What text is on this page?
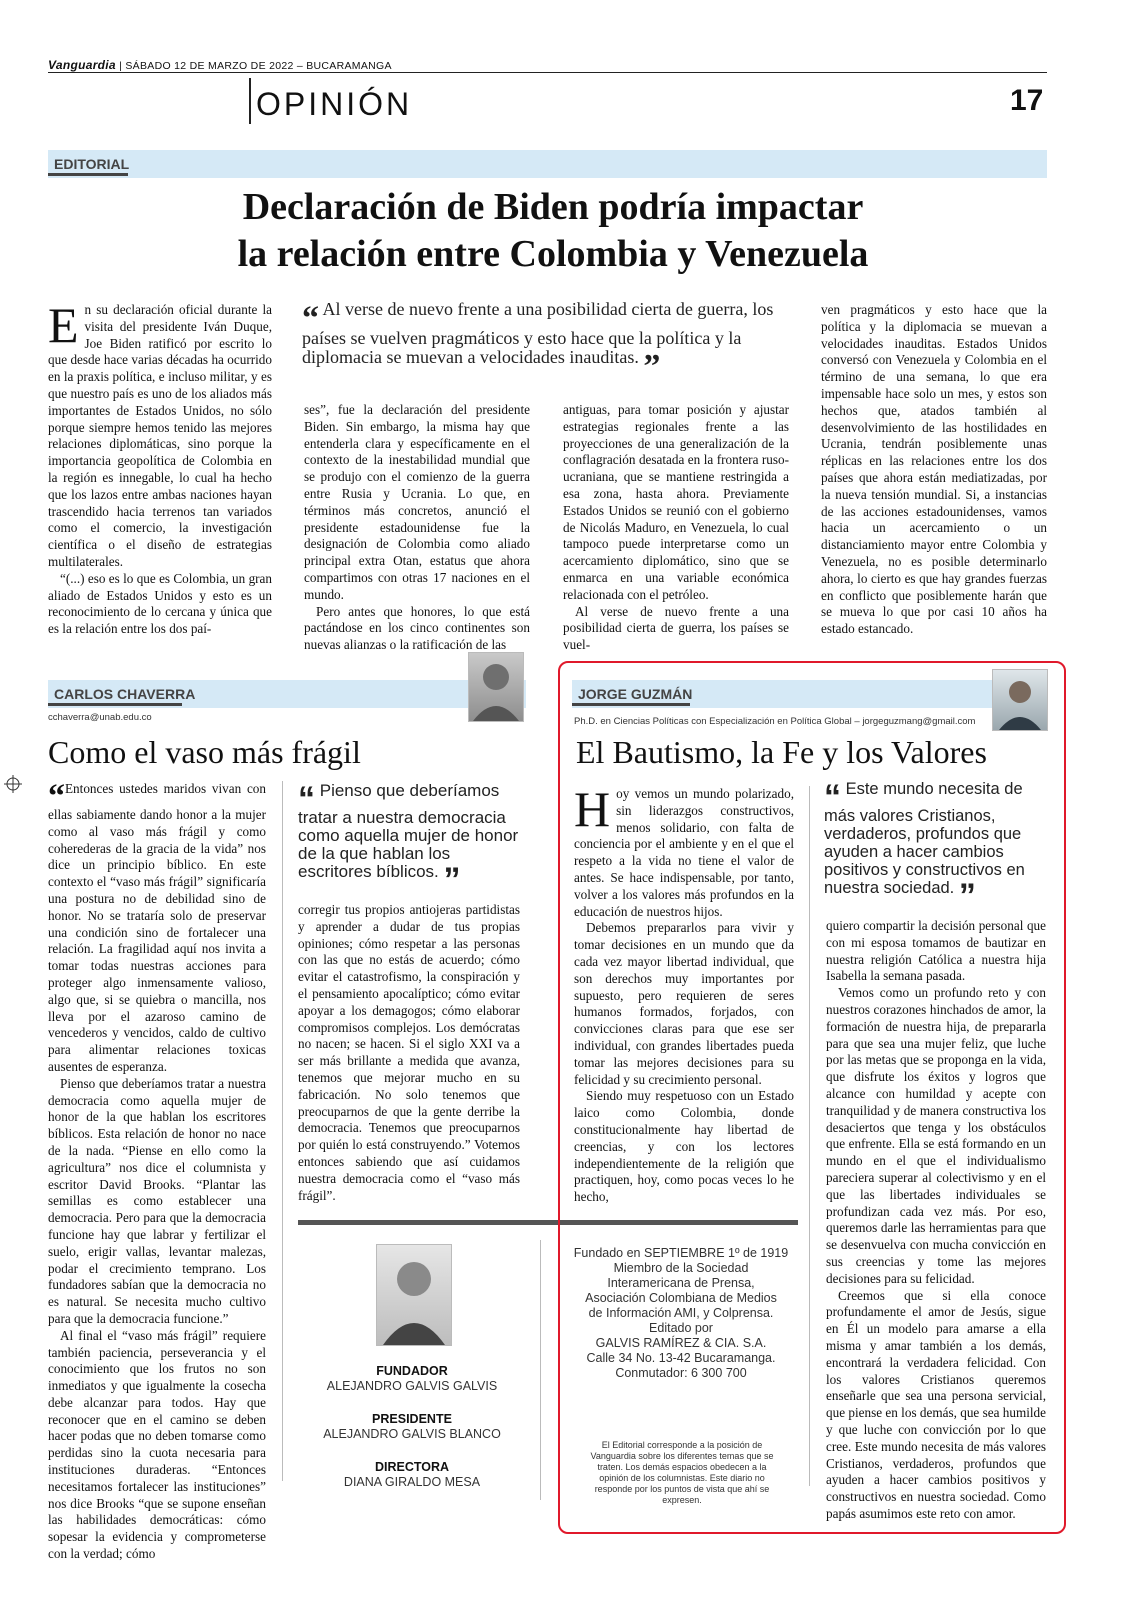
Vanguardia | SÁBADO 12 DE MARZO DE 2022 – BUCARAMANGA
OPINIÓN	17
EDITORIAL
Declaración de Biden podría impactar
la relación entre Colombia y Venezuela

En su declaración oficial durante la visita del presidente Iván Duque, Joe Biden ratificó por escrito lo que desde hace varias décadas ha ocurrido en la praxis política, e incluso militar, y es que nuestro país es uno de los aliados más importantes de Estados Unidos, no sólo porque siempre hemos tenido las mejores relaciones diplomáticas, sino porque la importancia geopolítica de Colombia en la región es innegable, lo cual ha hecho que los lazos entre ambas naciones hayan trascendido hacia terrenos tan variados como el comercio, la investigación científica o el diseño de estrategias multilaterales.

“(...) eso es lo que es Colombia, un gran aliado de Estados Unidos y esto es un reconocimiento de lo cercana y única que es la relación entre los dos paí-

“ Al verse de nuevo frente a una posibilidad cierta de guerra, los países se vuelven pragmáticos y esto hace que la política y la diplomacia se muevan a velocidades inauditas. ”

ses”, fue la declaración del presidente Biden. Sin embargo, la misma hay que entenderla clara y específicamente en el contexto de la inestabilidad mundial que se produjo con el comienzo de la guerra entre Rusia y Ucrania. Lo que, en términos más concretos, anunció el presidente estadounidense fue la designación de Colombia como aliado principal extra Otan, estatus que ahora compartimos con otras 17 naciones en el mundo.

Pero antes que honores, lo que está pactándose en los cinco continentes son nuevas alianzas o la ratificación de las

antiguas, para tomar posición y ajustar estrategias regionales frente a las proyecciones de una generalización de la conflagración desatada en la frontera ruso-ucraniana, que se mantiene restringida a esa zona, hasta ahora. Previamente Estados Unidos se reunió con el gobierno de Nicolás Maduro, en Venezuela, lo cual tampoco puede interpretarse como un acercamiento diplomático, sino que se enmarca en una variable económica relacionada con el petróleo.

Al verse de nuevo frente a una posibilidad cierta de guerra, los países se vuel-

ven pragmáticos y esto hace que la política y la diplomacia se muevan a velocidades inauditas. Estados Unidos conversó con Venezuela y Colombia en el término de una semana, lo que era impensable hace solo un mes, y estos son hechos que, atados también al desenvolvimiento de las hostilidades en Ucrania, tendrán posiblemente unas réplicas en las relaciones entre los dos países que ahora están mediatizadas, por la nueva tensión mundial. Si, a instancias de las acciones estadounidenses, vamos hacia un acercamiento o un distanciamiento mayor entre Colombia y Venezuela, no es posible determinarlo ahora, lo cierto es que hay grandes fuerzas en conflicto que posiblemente harán que se mueva lo que por casi 10 años ha estado estancado.

CARLOS CHAVERRA
cchaverra@unab.edu.co
Como el vaso más frágil

“Entonces ustedes maridos vivan con ellas sabiamente dando honor a la mujer como al vaso más frágil y como coherederas de la gracia de la vida” nos dice un principio bíblico. En este contexto el “vaso más frágil” significaría una postura no de debilidad sino de honor. No se trataría solo de preservar una condición sino de fortalecer una relación. La fragilidad aquí nos invita a tomar todas nuestras acciones para proteger algo inmensamente valioso, algo que, si se quiebra o mancilla, nos lleva por el azaroso camino de vencederos y vencidos, caldo de cultivo para alimentar relaciones toxicas ausentes de esperanza.

Pienso que deberíamos tratar a nuestra democracia como aquella mujer de honor de la que hablan los escritores bíblicos. Esta relación de honor no nace de la nada. “Piense en ello como la agricultura” nos dice el columnista y escritor David Brooks. “Plantar las semillas es como establecer una democracia. Pero para que la democracia funcione hay que labrar y fertilizar el suelo, erigir vallas, levantar malezas, podar el crecimiento temprano. Los fundadores sabían que la democracia no es natural. Se necesita mucho cultivo para que la democracia funcione.”

Al final el “vaso más frágil” requiere también paciencia, perseverancia y el conocimiento que los frutos no son inmediatos y que igualmente la cosecha debe alcanzar para todos. Hay que reconocer que en el camino se deben hacer podas que no deben tomarse como perdidas sino la cuota necesaria para instituciones duraderas. “Entonces necesitamos fortalecer las instituciones” nos dice Brooks “que se supone enseñan las habilidades democráticas: cómo sopesar la evidencia y comprometerse con la verdad; cómo

“ Pienso que deberíamos tratar a nuestra democracia como aquella mujer de honor de la que hablan los escritores bíblicos. ”

corregir tus propios antiojeras partidistas y aprender a dudar de tus propias opiniones; cómo respetar a las personas con las que no estás de acuerdo; cómo evitar el catastrofismo, la conspiración y el pensamiento apocalíptico; cómo evitar apoyar a los demagogos; cómo elaborar compromisos complejos. Los demócratas no nacen; se hacen. Si el siglo XXI va a ser más brillante a medida que avanza, tenemos que mejorar mucho en su fabricación. No solo tenemos que preocuparnos de que la gente derribe la democracia. Tenemos que preocuparnos por quién lo está construyendo.” Votemos entonces sabiendo que así cuidamos nuestra democracia como el “vaso más frágil”.

FUNDADOR
ALEJANDRO GALVIS GALVIS
PRESIDENTE
ALEJANDRO GALVIS BLANCO
DIRECTORA
DIANA GIRALDO MESA
Fundado en SEPTIEMBRE 1º de 1919
Miembro de la Sociedad
Interamericana de Prensa,
Asociación Colombiana de Medios
de Información AMI, y Colprensa.
Editado por
GALVIS RAMÍREZ & CIA. S.A.
Calle 34 No. 13-42 Bucaramanga.
Conmutador: 6 300 700
El Editorial corresponde a la posición de Vanguardia sobre los diferentes temas que se traten. Los demás espacios obedecen a la opinión de los columnistas. Este diario no responde por los puntos de vista que ahí se expresen.
JORGE GUZMÁN
Ph.D. en Ciencias Políticas con Especialización en Política Global – jorgeguzmang@gmail.com
El Bautismo, la Fe y los Valores

Hoy vemos un mundo polarizado, sin liderazgos constructivos, menos solidario, con falta de conciencia por el ambiente y en el que el respeto a la vida no tiene el valor de antes. Se hace indispensable, por tanto, volver a los valores más profundos en la educación de nuestros hijos.

Debemos prepararlos para vivir y tomar decisiones en un mundo que da cada vez mayor libertad individual, que son derechos muy importantes por supuesto, pero requieren de seres humanos formados, forjados, con convicciones claras para que ese ser individual, con grandes libertades pueda tomar las mejores decisiones para su felicidad y su crecimiento personal.

Siendo muy respetuoso con un Estado laico como Colombia, donde constitucionalmente hay libertad de creencias, y con los lectores independientemente de la religión que practiquen, hoy, como pocas veces lo he hecho,

“ Este mundo necesita de más valores Cristianos, verdaderos, profundos que ayuden a hacer cambios positivos y constructivos en nuestra sociedad. ”

quiero compartir la decisión personal que con mi esposa tomamos de bautizar en nuestra religión Católica a nuestra hija Isabella la semana pasada.

Vemos como un profundo reto y con nuestros corazones hinchados de amor, la formación de nuestra hija, de prepararla para que sea una mujer feliz, que luche por las metas que se proponga en la vida, que disfrute los éxitos y logros que alcance con humildad y acepte con tranquilidad y de manera constructiva los desaciertos que tenga y los obstáculos que enfrente. Ella se está formando en un mundo en el que el individualismo pareciera superar al colectivismo y en el que las libertades individuales se profundizan cada vez más. Por eso, queremos darle las herramientas para que se desenvuelva con mucha convicción en sus creencias y tome las mejores decisiones para su felicidad.

Creemos que si ella conoce profundamente el amor de Jesús, sigue en Él un modelo para amarse a ella misma y amar también a los demás, encontrará la verdadera felicidad. Con los valores Cristianos queremos enseñarle que sea una persona servicial, que piense en los demás, que sea humilde y que luche con convicción por lo que cree. Este mundo necesita de más valores Cristianos, verdaderos, profundos que ayuden a hacer cambios positivos y constructivos en nuestra sociedad. Como papás asumimos este reto con amor.
